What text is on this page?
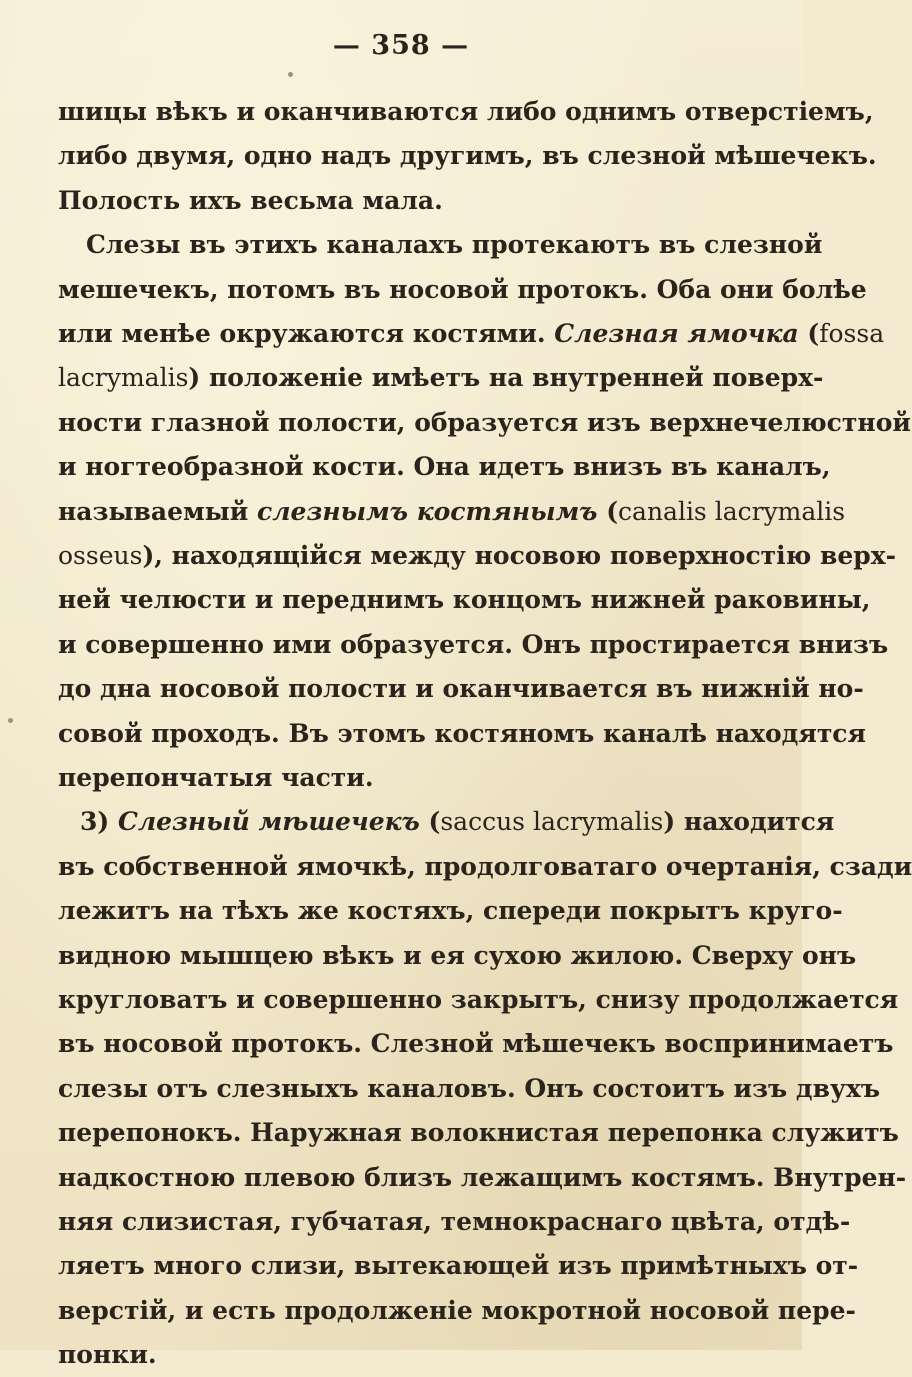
— 358 —
шицы вѣкъ и оканчиваются либо однимъ отверстіемъ,
либо двумя, одно надъ другимъ, въ слезной мѣшечекъ.
Полость ихъ весьма мала.
Слезы въ этихъ каналахъ протекаютъ въ слезной
мешечекъ, потомъ въ носовой протокъ. Оба они болѣе
или менѣе окружаются костями. Слезная ямочка (fossa
lacrymalis) положеніе имѣетъ на внутренней поверх-
ности глазной полости, образуется изъ верхнечелюстной
и ногтеобразной кости. Она идетъ внизъ въ каналъ,
называемый слезнымъ костянымъ (canalis lacrymalis
osseus), находящійся между носовою поверхностію верх-
ней челюсти и переднимъ концомъ нижней раковины,
и совершенно ими образуется. Онъ простирается внизъ
до дна носовой полости и оканчивается въ нижній но-
совой проходъ. Въ этомъ костяномъ каналѣ находятся
перепончатыя части.
3) Слезный мѣшечекъ (saccus lacrymalis) находится
въ собственной ямочкѣ, продолговатаго очертанія, сзади
лежитъ на тѣхъ же костяхъ, спереди покрытъ круго-
видною мышцею вѣкъ и ея сухою жилою. Сверху онъ
кругловатъ и совершенно закрытъ, снизу продолжается
въ носовой протокъ. Слезной мѣшечекъ воспринимаетъ
слезы отъ слезныхъ каналовъ. Онъ состоитъ изъ двухъ
перепонокъ. Наружная волокнистая перепонка служитъ
надкостною плевою близъ лежащимъ костямъ. Внутрен-
няя слизистая, губчатая, темнокраснаго цвѣта, отдѣ-
ляетъ много слизи, вытекающей изъ примѣтныхъ от-
верстій, и есть продолженіе мокротной носовой пере-
понки.
